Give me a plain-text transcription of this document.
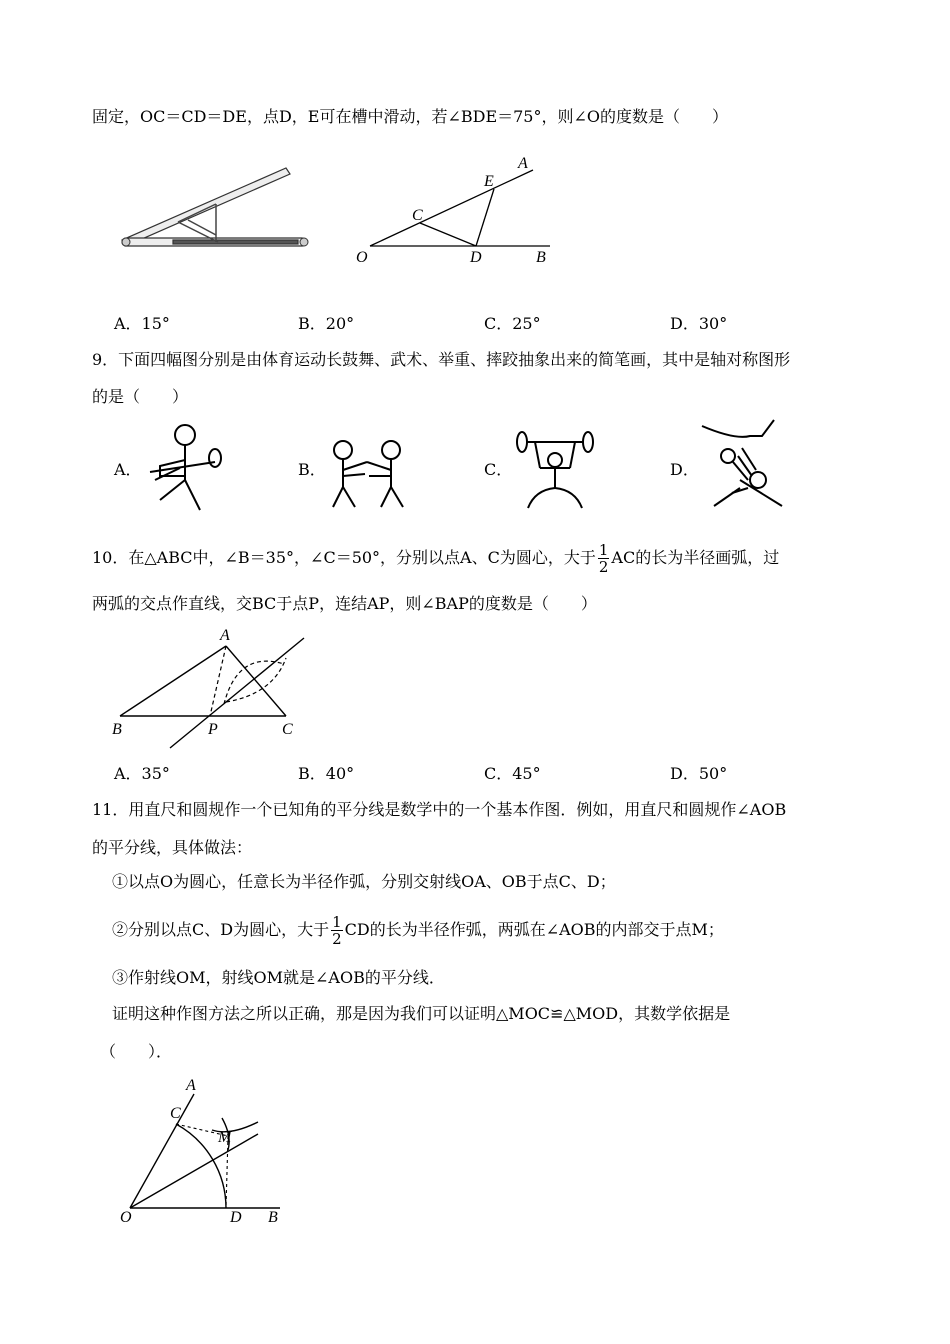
固定，OC＝CD＝DE，点D，E可在槽中滑动，若∠BDE＝75°，则∠O的度数是（　　）
A
E
C
O	D	B
A．15°	B．20°	C．25°	D．30°
9．下面四幅图分别是由体育运动长鼓舞、武术、举重、摔跤抽象出来的简笔画，其中是轴对称图形
的是（　　）
A．	B．	C．	D．
10．在△ABC中，∠B＝35°，∠C＝50°，分别以点A、C为圆心，大于 $\frac{1}{2}$ AC的长为半径画弧，过
两弧的交点作直线，交BC于点P，连结AP，则∠BAP的度数是（　　）
A
B	P	C
A．35°	B．40°	C．45°	D．50°
11．用直尺和圆规作一个已知角的平分线是数学中的一个基本作图．例如，用直尺和圆规作∠AOB
的平分线，具体做法：
①以点O为圆心，任意长为半径作弧，分别交射线OA、OB于点C、D；
②分别以点C、D为圆心，大于 $\frac{1}{2}$ CD的长为半径作弧，两弧在∠AOB的内部交于点M；
③作射线OM，射线OM就是∠AOB的平分线．
证明这种作图方法之所以正确，那是因为我们可以证明△MOC≌△MOD，其数学依据是
（　　）．
A
C
M
O	D B
